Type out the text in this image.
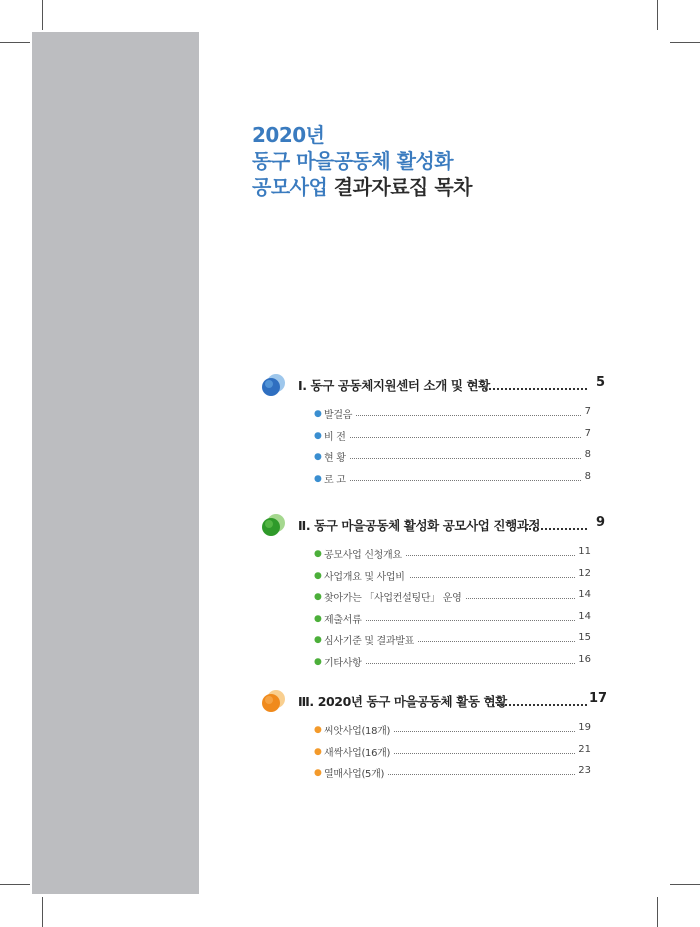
2020년
동구 마을공동체 활성화
공모사업 결과자료집 목차
Ⅰ. 동구 공동체지원센터 소개 및 현황	5
● 발걸음	7
● 비 전	7
● 현 황	8
● 로 고	8
Ⅱ. 동구 마을공동체 활성화 공모사업 진행과정	9
● 공모사업 신청개요	11
● 사업개요 및 사업비	12
● 찾아가는 「사업컨설팅단」 운영	14
● 제출서류	14
● 심사기준 및 결과발표	15
● 기타사항	16
Ⅲ. 2020년 동구 마을공동체 활동 현황	17
● 씨앗사업(18개)	19
● 새싹사업(16개)	21
● 열매사업(5개)	23
